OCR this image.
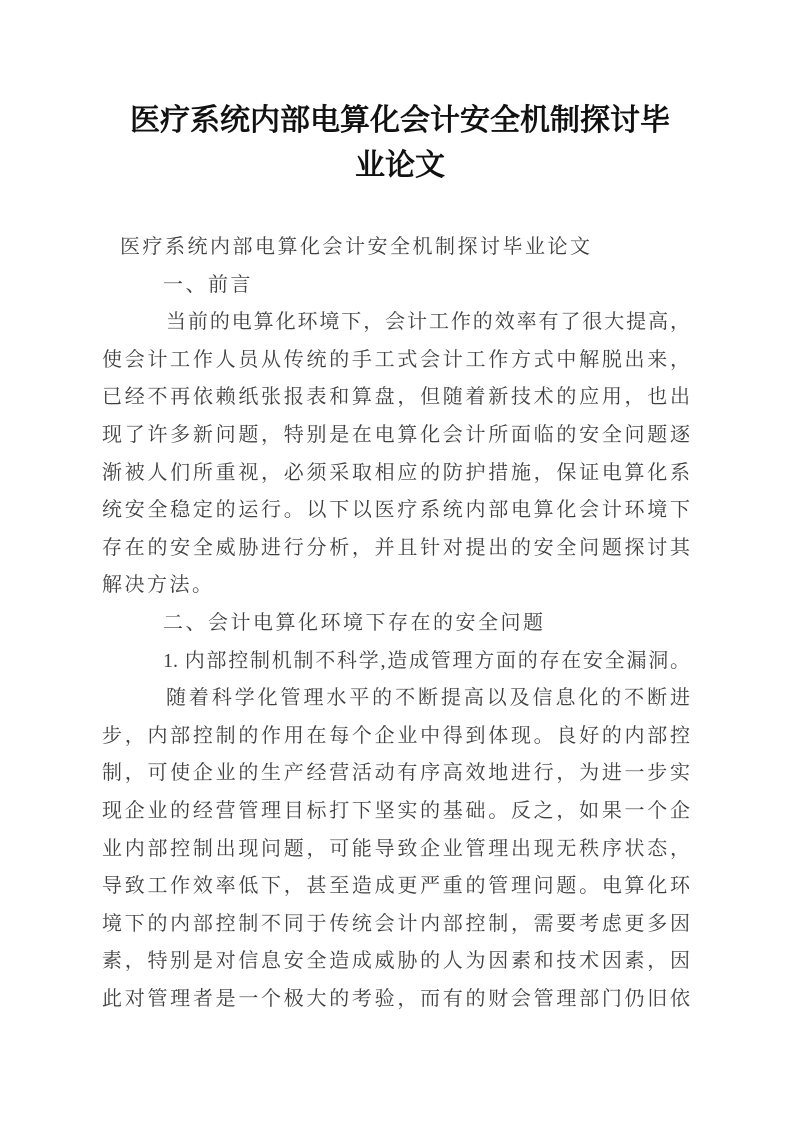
医疗系统内部电算化会计安全机制探讨毕
业论文
医疗系统内部电算化会计安全机制探讨毕业论文
一、前言
当前的电算化环境下，会计工作的效率有了很大提高，
使会计工作人员从传统的手工式会计工作方式中解脱出来，
已经不再依赖纸张报表和算盘，但随着新技术的应用，也出
现了许多新问题，特别是在电算化会计所面临的安全问题逐
渐被人们所重视，必须采取相应的防护措施，保证电算化系
统安全稳定的运行。以下以医疗系统内部电算化会计环境下
存在的安全威胁进行分析，并且针对提出的安全问题探讨其
解决方法。
二、会计电算化环境下存在的安全问题
1. 内部控制机制不科学,造成管理方面的存在安全漏洞。
随着科学化管理水平的不断提高以及信息化的不断进
步，内部控制的作用在每个企业中得到体现。良好的内部控
制，可使企业的生产经营活动有序高效地进行，为进一步实
现企业的经营管理目标打下坚实的基础。反之，如果一个企
业内部控制出现问题，可能导致企业管理出现无秩序状态，
导致工作效率低下，甚至造成更严重的管理问题。电算化环
境下的内部控制不同于传统会计内部控制，需要考虑更多因
素，特别是对信息安全造成威胁的人为因素和技术因素，因
此对管理者是一个极大的考验，而有的财会管理部门仍旧依
